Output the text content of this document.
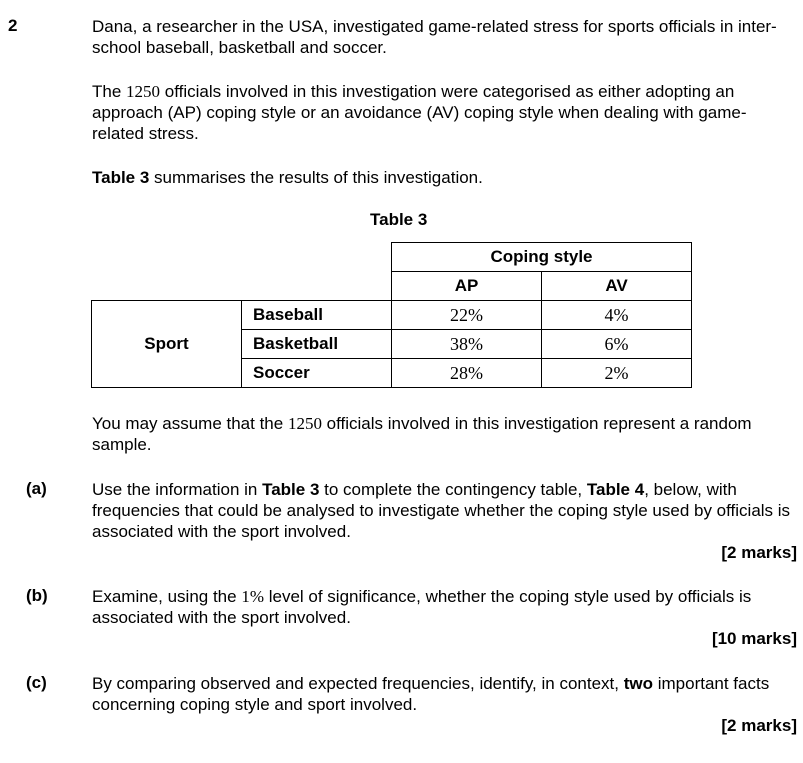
2	Dana, a researcher in the USA, investigated game-related stress for sports officials in inter-school baseball, basketball and soccer.
The 1250 officials involved in this investigation were categorised as either adopting an approach (AP) coping style or an avoidance (AV) coping style when dealing with game-related stress.
Table 3 summarises the results of this investigation.
Table 3
		Coping style	
		AP	AV
Sport	Baseball	22%	4%
	Basketball	38%	6%
	Soccer	28%	2%
You may assume that the 1250 officials involved in this investigation represent a random sample.
(a)	Use the information in Table 3 to complete the contingency table, Table 4, below, with frequencies that could be analysed to investigate whether the coping style used by officials is associated with the sport involved.
[2 marks]
(b)	Examine, using the 1% level of significance, whether the coping style used by officials is associated with the sport involved.
[10 marks]
(c)	By comparing observed and expected frequencies, identify, in context, two important facts concerning coping style and sport involved.
[2 marks]
